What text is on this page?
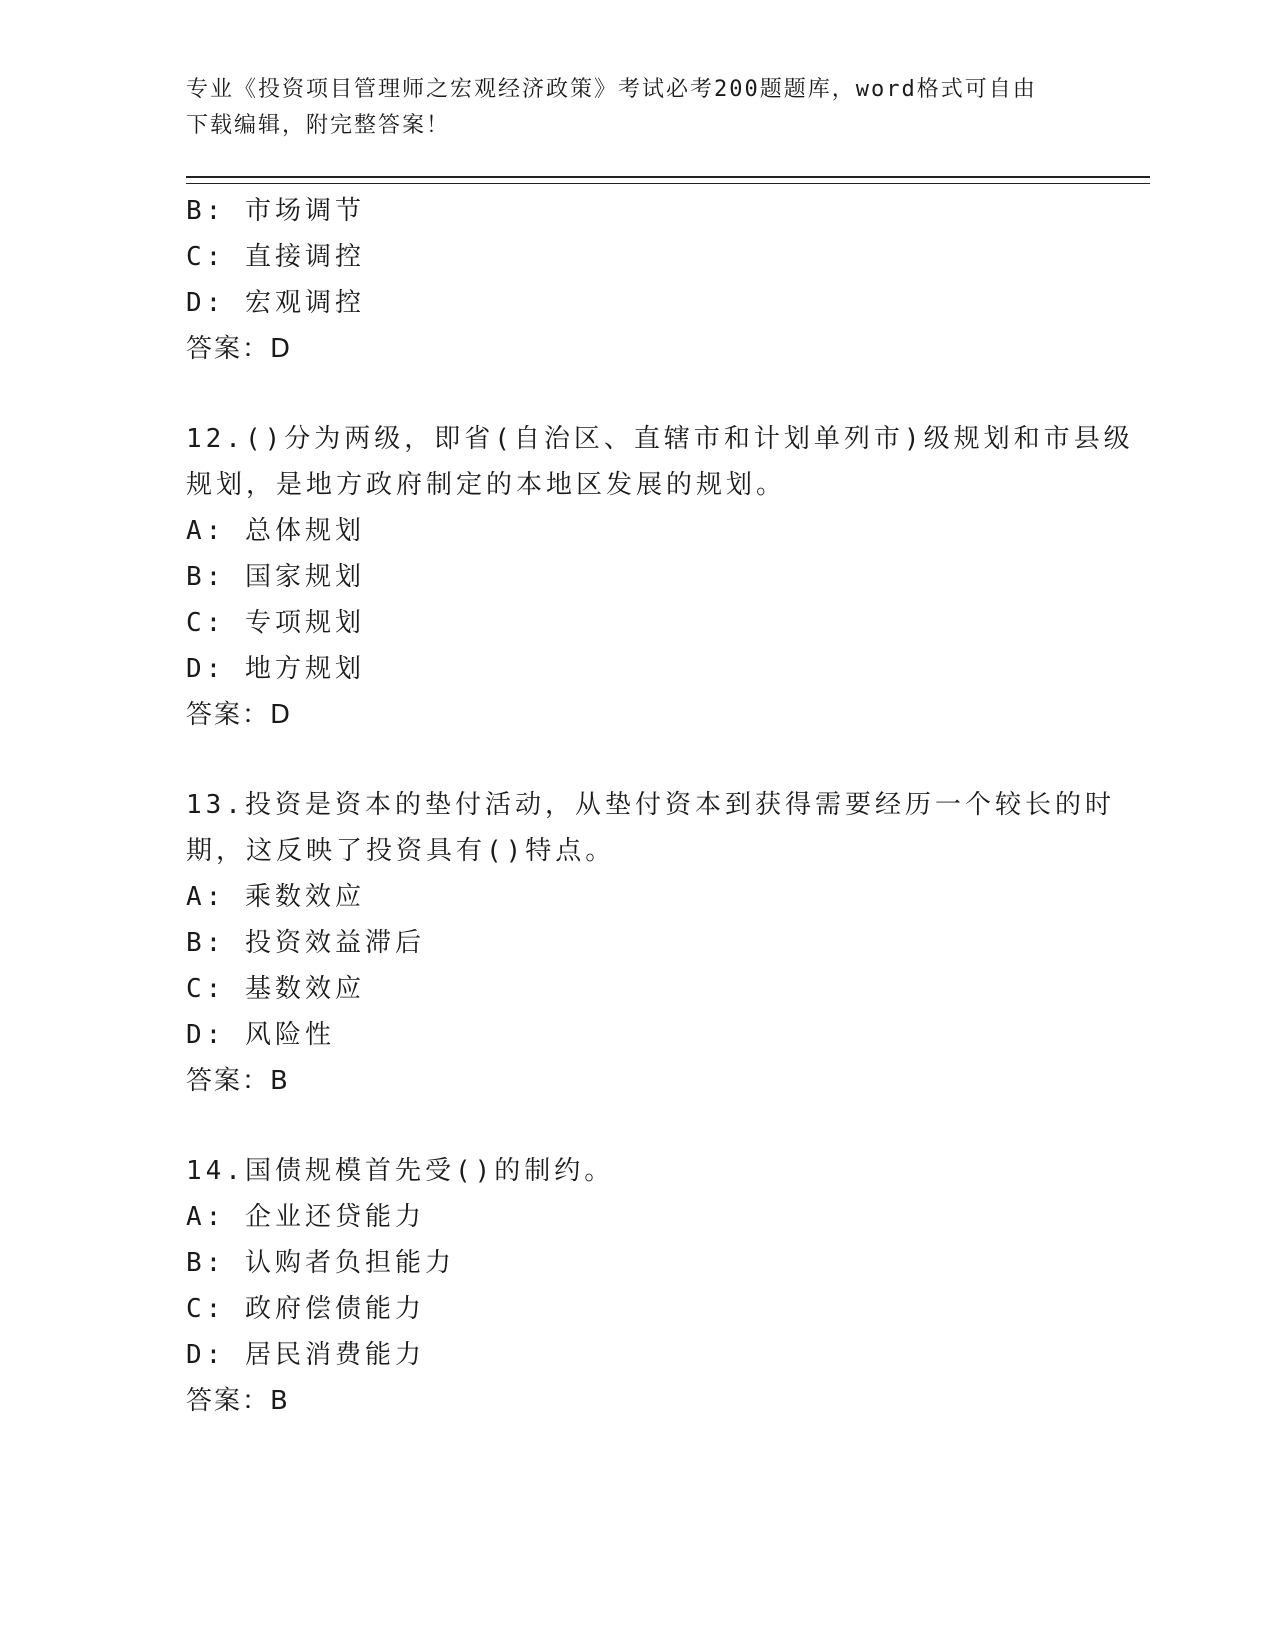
专业《投资项目管理师之宏观经济政策》考试必考200题题库，word格式可自由
下载编辑，附完整答案！
B: 市场调节
C: 直接调控
D: 宏观调控
答案：D
12.()分为两级，即省(自治区、直辖市和计划单列市)级规划和市县级
规划，是地方政府制定的本地区发展的规划。
A: 总体规划
B: 国家规划
C: 专项规划
D: 地方规划
答案：D
13.投资是资本的垫付活动，从垫付资本到获得需要经历一个较长的时
期，这反映了投资具有()特点。
A: 乘数效应
B: 投资效益滞后
C: 基数效应
D: 风险性
答案：B
14.国债规模首先受()的制约。
A: 企业还贷能力
B: 认购者负担能力
C: 政府偿债能力
D: 居民消费能力
答案：B
